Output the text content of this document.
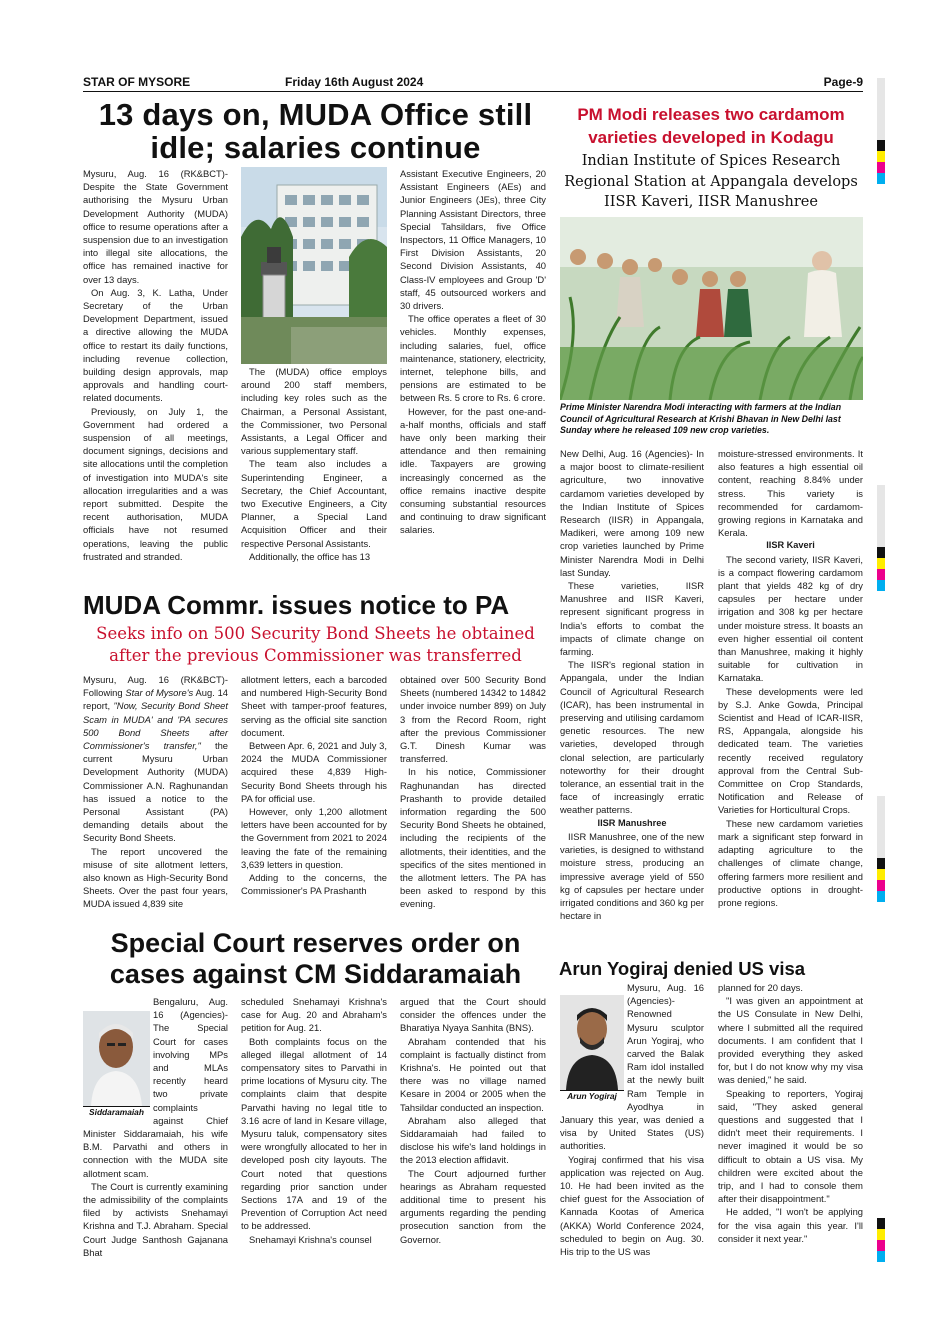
STAR OF MYSORE	Friday 16th August 2024	Page-9
13 days on, MUDA Office still idle; salaries continue

Mysuru, Aug. 16 (RK&BCT)- Despite the State Government authorising the Mysuru Urban Development Authority (MUDA) office to resume operations after a suspension due to an investigation into illegal site allocations, the office has remained inactive for over 13 days.

On Aug. 3, K. Latha, Under Secretary of the Urban Development Department, issued a directive allowing the MUDA office to restart its daily functions, including revenue collection, building design approvals, map approvals and handling court-related documents.

Previously, on July 1, the Government had ordered a suspension of all meetings, document signings, decisions and site allocations until the completion of investigation into MUDA's site allocation irregularities and a was report submitted. Despite the recent authorisation, MUDA officials have not resumed operations, leaving the public frustrated and stranded.

The (MUDA) office employs around 200 staff members, including key roles such as the Chairman, a Personal Assistant, the Commissioner, two Personal Assistants, a Legal Officer and various supplementary staff.

The team also includes a Superintending Engineer, a Secretary, the Chief Accountant, two Executive Engineers, a City Planner, a Special Land Acquisition Officer and their respective Personal Assistants.

Additionally, the office has 13

Assistant Executive Engineers, 20 Assistant Engineers (AEs) and Junior Engineers (JEs), three City Planning Assistant Directors, three Special Tahsildars, five Office Inspectors, 11 Office Managers, 10 First Division Assistants, 20 Second Division Assistants, 40 Class-IV employees and Group 'D' staff, 45 outsourced workers and 30 drivers.

The office operates a fleet of 30 vehicles. Monthly expenses, including salaries, fuel, office maintenance, stationery, electricity, internet, telephone bills, and pensions are estimated to be between Rs. 5 crore to Rs. 6 crore.

However, for the past one-and- a-half months, officials and staff have only been marking their attendance and then remaining idle. Taxpayers are growing increasingly concerned as the office remains inactive despite consuming substantial resources and continuing to draw significant salaries.

MUDA Commr. issues notice to PA
Seeks info on 500 Security Bond Sheets he obtained after the previous Commissioner was transferred

Mysuru, Aug. 16 (RK&BCT)- Following Star of Mysore's Aug. 14 report, "Now, Security Bond Sheet Scam in MUDA' and 'PA secures 500 Bond Sheets after Commissioner's transfer," the current Mysuru Urban Development Authority (MUDA) Commissioner A.N. Raghunandan has issued a notice to the Personal Assistant (PA) demanding details about the Security Bond Sheets.

The report uncovered the misuse of site allotment letters, also known as High-Security Bond Sheets. Over the past four years, MUDA issued 4,839 site

allotment letters, each a barcoded and numbered High-Security Bond Sheet with tamper-proof features, serving as the official site sanction document.

Between Apr. 6, 2021 and July 3, 2024 the MUDA Commissioner acquired these 4,839 High-Security Bond Sheets through his PA for official use.

However, only 1,200 allotment letters have been accounted for by the Government from 2021 to 2024 leaving the fate of the remaining 3,639 letters in question.

Adding to the concerns, the Commissioner's PA Prashanth

obtained over 500 Security Bond Sheets (numbered 14342 to 14842 under invoice number 899) on July 3 from the Record Room, right after the previous Commissioner G.T. Dinesh Kumar was transferred.

In his notice, Commissioner Raghunandan has directed Prashanth to provide detailed information regarding the 500 Security Bond Sheets he obtained, including the recipients of the allotments, their identities, and the specifics of the sites mentioned in the allotment letters. The PA has been asked to respond by this evening.

Special Court reserves order on cases against CM Siddaramaiah
Siddaramaiah

Bengaluru, Aug. 16 (Agencies)- The Special Court for cases involving MPs and MLAs recently heard two private complaints against Chief Minister Siddaramaiah, his wife B.M. Parvathi and others in connection with the MUDA site allotment scam.

The Court is currently examining the admissibility of the complaints filed by activists Snehamayi Krishna and T.J. Abraham. Special Court Judge Santhosh Gajanana Bhat

scheduled Snehamayi Krishna's case for Aug. 20 and Abraham's petition for Aug. 21.

Both complaints focus on the alleged illegal allotment of 14 compensatory sites to Parvathi in prime locations of Mysuru city. The complaints claim that despite Parvathi having no legal title to 3.16 acre of land in Kesare village, Mysuru taluk, compensatory sites were wrongfully allocated to her in developed posh city layouts. The Court noted that questions regarding prior sanction under Sections 17A and 19 of the Prevention of Corruption Act need to be addressed.

Snehamayi Krishna's counsel

argued that the Court should consider the offences under the Bharatiya Nyaya Sanhita (BNS).

Abraham contended that his complaint is factually distinct from Krishna's. He pointed out that there was no village named Kesare in 2004 or 2005 when the Tahsildar conducted an inspection.

Abraham also alleged that Siddaramaiah had failed to disclose his wife's land holdings in the 2013 election affidavit.

The Court adjourned further hearings as Abraham requested additional time to present his arguments regarding the pending prosecution sanction from the Governor.

PM Modi releases two cardamom varieties developed in Kodagu
Indian Institute of Spices Research Regional Station at Appangala develops IISR Kaveri, IISR Manushree
Prime Minister Narendra Modi interacting with farmers at the Indian Council of Agricultural Research at Krishi Bhavan in New Delhi last Sunday where he released 109 new crop varieties.

New Delhi, Aug. 16 (Agencies)- In a major boost to climate-resilient agriculture, two innovative cardamom varieties developed by the Indian Institute of Spices Research (IISR) in Appangala, Madikeri, were among 109 new crop varieties launched by Prime Minister Narendra Modi in Delhi last Sunday.

These varieties, IISR Manushree and IISR Kaveri, represent significant progress in India's efforts to combat the impacts of climate change on farming.

The IISR's regional station in Appangala, under the Indian Council of Agricultural Research (ICAR), has been instrumental in preserving and utilising cardamom genetic resources. The new varieties, developed through clonal selection, are particularly noteworthy for their drought tolerance, an essential trait in the face of increasingly erratic weather patterns.

IISR Manushree

IISR Manushree, one of the new varieties, is designed to withstand moisture stress, producing an impressive average yield of 550 kg of capsules per hectare under irrigated conditions and 360 kg per hectare in

moisture-stressed environments. It also features a high essential oil content, reaching 8.84% under stress. This variety is recommended for cardamom-growing regions in Karnataka and Kerala.

IISR Kaveri

The second variety, IISR Kaveri, is a compact flowering cardamom plant that yields 482 kg of dry capsules per hectare under irrigation and 308 kg per hectare under moisture stress. It boasts an even higher essential oil content than Manushree, making it highly suitable for cultivation in Karnataka.

These developments were led by S.J. Anke Gowda, Principal Scientist and Head of ICAR-IISR, RS, Appangala, alongside his dedicated team. The varieties recently received regulatory approval from the Central Sub-Committee on Crop Standards, Notification and Release of Varieties for Horticultural Crops.

These new cardamom varieties mark a significant step forward in adapting agriculture to the challenges of climate change, offering farmers more resilient and productive options in drought-prone regions.

Arun Yogiraj denied US visa
Arun Yogiraj

Mysuru, Aug. 16 (Agencies)- Renowned Mysuru sculptor Arun Yogiraj, who carved the Balak Ram idol installed at the newly built Ram Temple in Ayodhya in January this year, was denied a visa by United States (US) authorities.

Yogiraj confirmed that his visa application was rejected on Aug. 10. He had been invited as the chief guest for the Association of Kannada Kootas of America (AKKA) World Conference 2024, scheduled to begin on Aug. 30. His trip to the US was

planned for 20 days.

"I was given an appointment at the US Consulate in New Delhi, where I submitted all the required documents. I am confident that I provided everything they asked for, but I do not know why my visa was denied," he said.

Speaking to reporters, Yogiraj said, "They asked general questions and suggested that I didn't meet their requirements. I never imagined it would be so difficult to obtain a US visa. My children were excited about the trip, and I had to console them after their disappointment."

He added, "I won't be applying for the visa again this year. I'll consider it next year."
